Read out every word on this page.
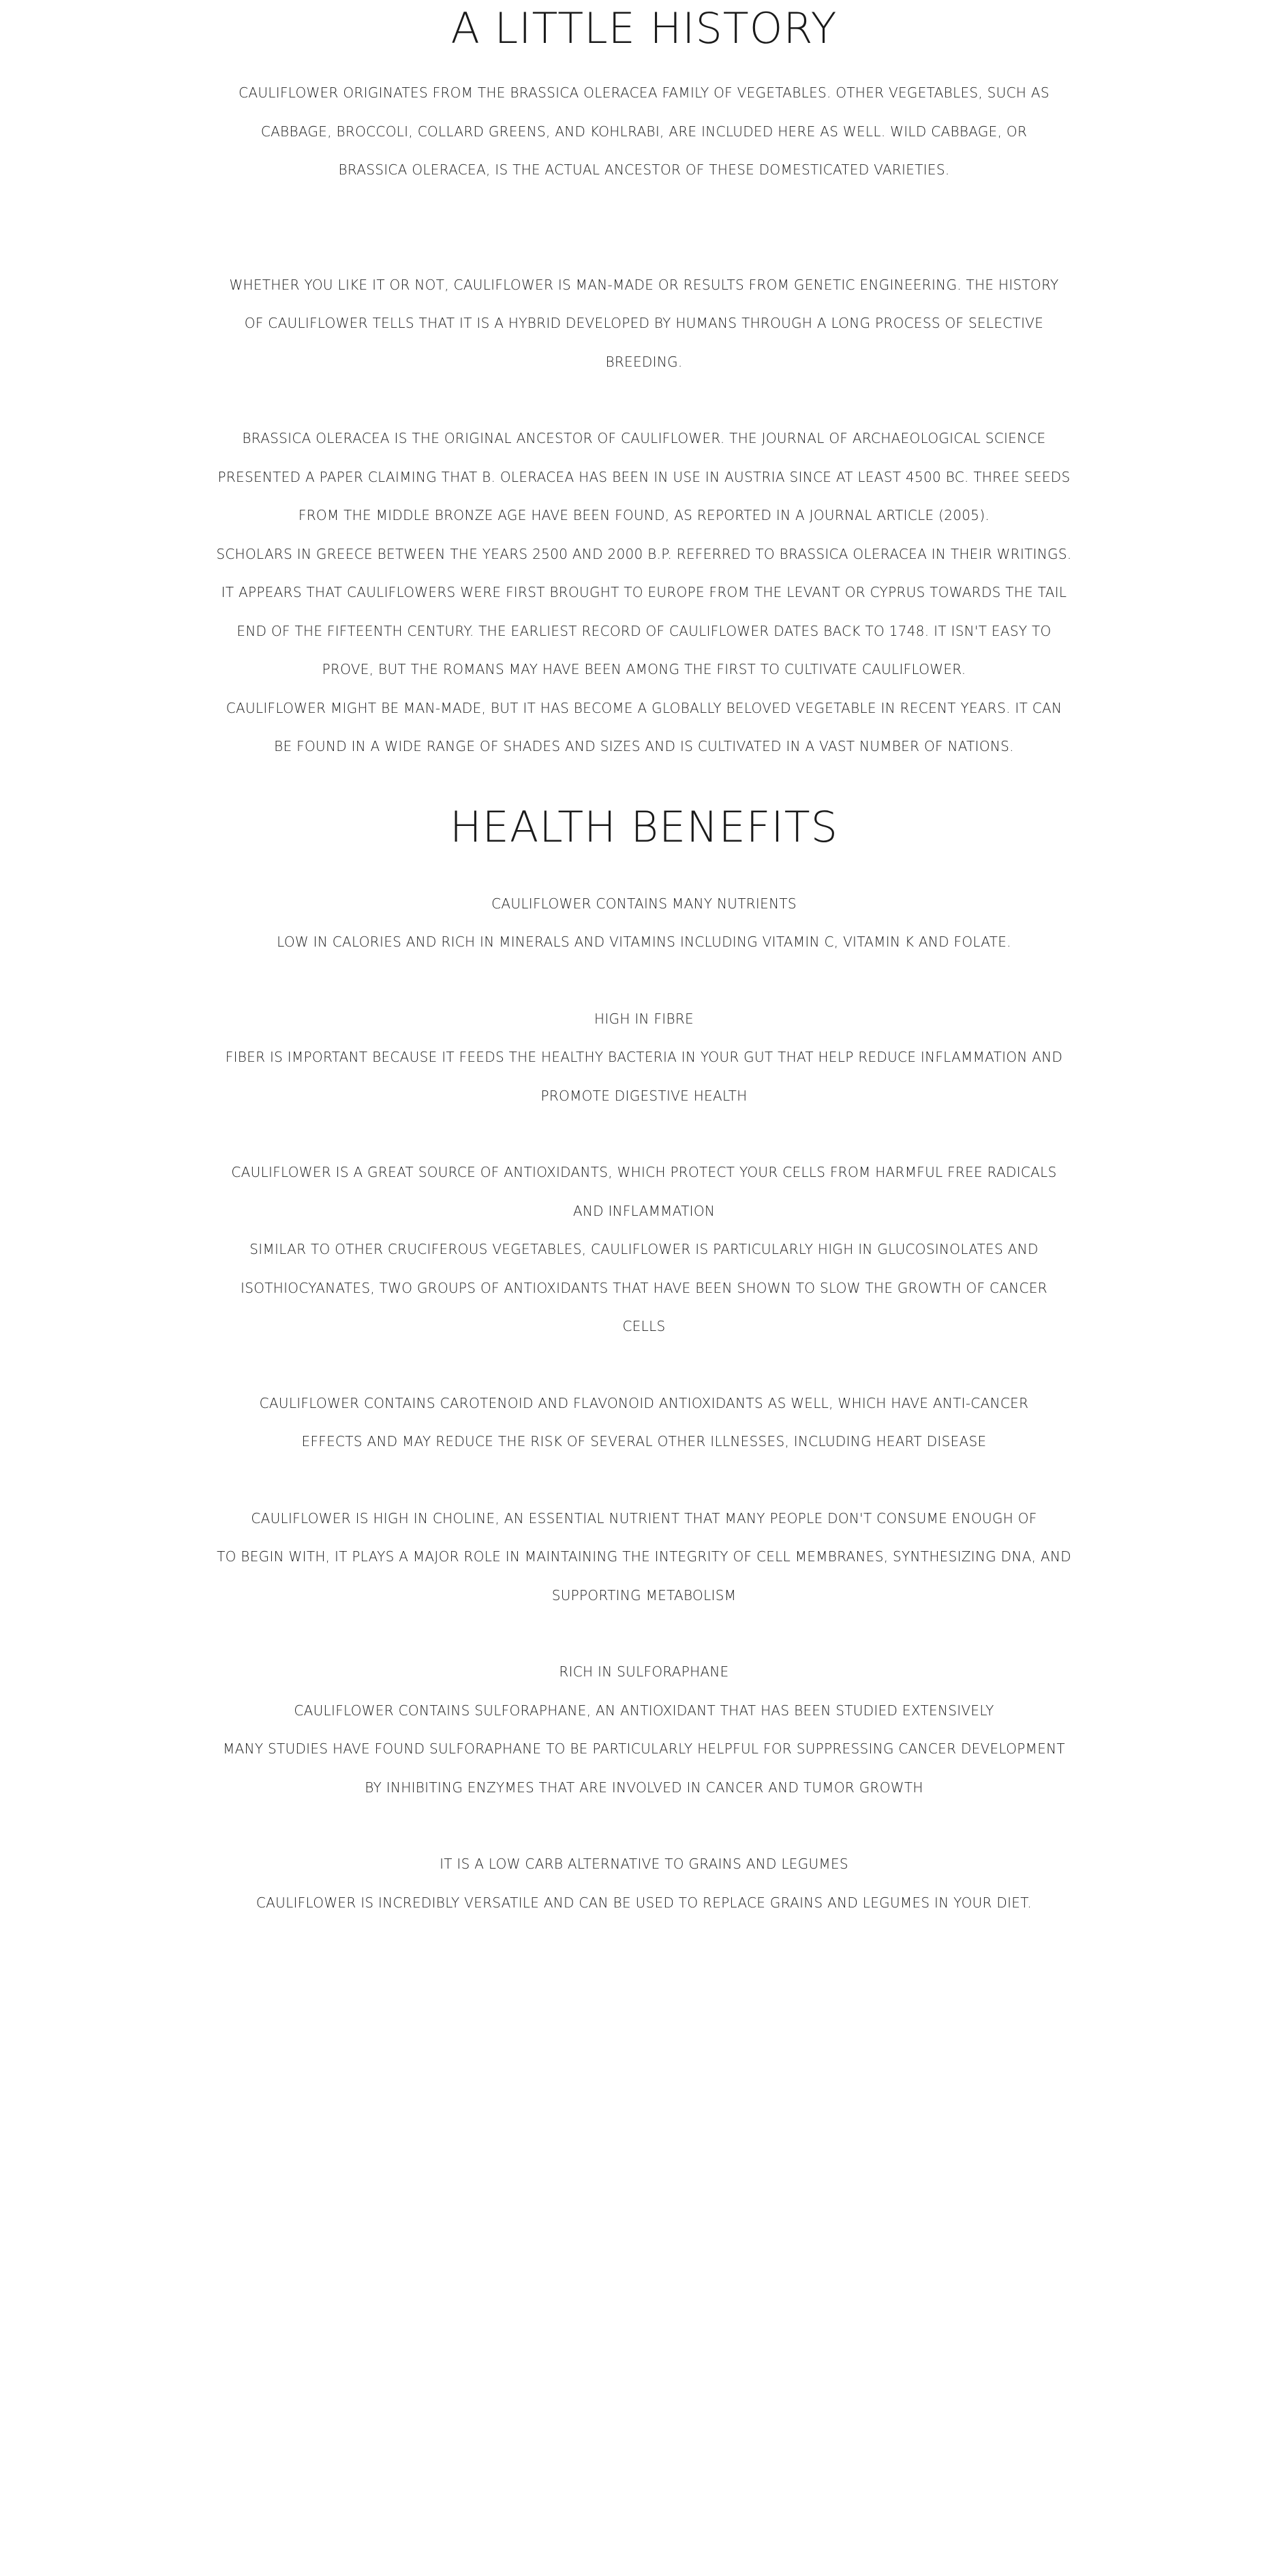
A LITTLE HISTORY
CAULIFLOWER ORIGINATES FROM THE BRASSICA OLERACEA FAMILY OF VEGETABLES. OTHER VEGETABLES, SUCH AS
CABBAGE, BROCCOLI, COLLARD GREENS, AND KOHLRABI, ARE INCLUDED HERE AS WELL. WILD CABBAGE, OR
BRASSICA OLERACEA, IS THE ACTUAL ANCESTOR OF THESE DOMESTICATED VARIETIES.
WHETHER YOU LIKE IT OR NOT, CAULIFLOWER IS MAN-MADE OR RESULTS FROM GENETIC ENGINEERING. THE HISTORY
OF CAULIFLOWER TELLS THAT IT IS A HYBRID DEVELOPED BY HUMANS THROUGH A LONG PROCESS OF SELECTIVE
BREEDING.
BRASSICA OLERACEA IS THE ORIGINAL ANCESTOR OF CAULIFLOWER. THE JOURNAL OF ARCHAEOLOGICAL SCIENCE
PRESENTED A PAPER CLAIMING THAT B. OLERACEA HAS BEEN IN USE IN AUSTRIA SINCE AT LEAST 4500 BC. THREE SEEDS
FROM THE MIDDLE BRONZE AGE HAVE BEEN FOUND, AS REPORTED IN A JOURNAL ARTICLE (2005).
SCHOLARS IN GREECE BETWEEN THE YEARS 2500 AND 2000 B.P. REFERRED TO BRASSICA OLERACEA IN THEIR WRITINGS.
IT APPEARS THAT CAULIFLOWERS WERE FIRST BROUGHT TO EUROPE FROM THE LEVANT OR CYPRUS TOWARDS THE TAIL
END OF THE FIFTEENTH CENTURY. THE EARLIEST RECORD OF CAULIFLOWER DATES BACK TO 1748. IT ISN'T EASY TO
PROVE, BUT THE ROMANS MAY HAVE BEEN AMONG THE FIRST TO CULTIVATE CAULIFLOWER.
CAULIFLOWER MIGHT BE MAN-MADE, BUT IT HAS BECOME A GLOBALLY BELOVED VEGETABLE IN RECENT YEARS. IT CAN
BE FOUND IN A WIDE RANGE OF SHADES AND SIZES AND IS CULTIVATED IN A VAST NUMBER OF NATIONS.
HEALTH BENEFITS
CAULIFLOWER CONTAINS MANY NUTRIENTS
LOW IN CALORIES AND RICH IN MINERALS AND VITAMINS INCLUDING VITAMIN C, VITAMIN K AND FOLATE.
HIGH IN FIBRE
FIBER IS IMPORTANT BECAUSE IT FEEDS THE HEALTHY BACTERIA IN YOUR GUT THAT HELP REDUCE INFLAMMATION AND
PROMOTE DIGESTIVE HEALTH
CAULIFLOWER IS A GREAT SOURCE OF ANTIOXIDANTS, WHICH PROTECT YOUR CELLS FROM HARMFUL FREE RADICALS
AND INFLAMMATION
SIMILAR TO OTHER CRUCIFEROUS VEGETABLES, CAULIFLOWER IS PARTICULARLY HIGH IN GLUCOSINOLATES AND
ISOTHIOCYANATES, TWO GROUPS OF ANTIOXIDANTS THAT HAVE BEEN SHOWN TO SLOW THE GROWTH OF CANCER
CELLS
CAULIFLOWER CONTAINS CAROTENOID AND FLAVONOID ANTIOXIDANTS AS WELL, WHICH HAVE ANTI-CANCER
EFFECTS AND MAY REDUCE THE RISK OF SEVERAL OTHER ILLNESSES, INCLUDING HEART DISEASE
CAULIFLOWER IS HIGH IN CHOLINE, AN ESSENTIAL NUTRIENT THAT MANY PEOPLE DON'T CONSUME ENOUGH OF
TO BEGIN WITH, IT PLAYS A MAJOR ROLE IN MAINTAINING THE INTEGRITY OF CELL MEMBRANES, SYNTHESIZING DNA, AND
SUPPORTING METABOLISM
RICH IN SULFORAPHANE
CAULIFLOWER CONTAINS SULFORAPHANE, AN ANTIOXIDANT THAT HAS BEEN STUDIED EXTENSIVELY
MANY STUDIES HAVE FOUND SULFORAPHANE TO BE PARTICULARLY HELPFUL FOR SUPPRESSING CANCER DEVELOPMENT
BY INHIBITING ENZYMES THAT ARE INVOLVED IN CANCER AND TUMOR GROWTH
IT IS A LOW CARB ALTERNATIVE TO GRAINS AND LEGUMES
CAULIFLOWER IS INCREDIBLY VERSATILE AND CAN BE USED TO REPLACE GRAINS AND LEGUMES IN YOUR DIET.
